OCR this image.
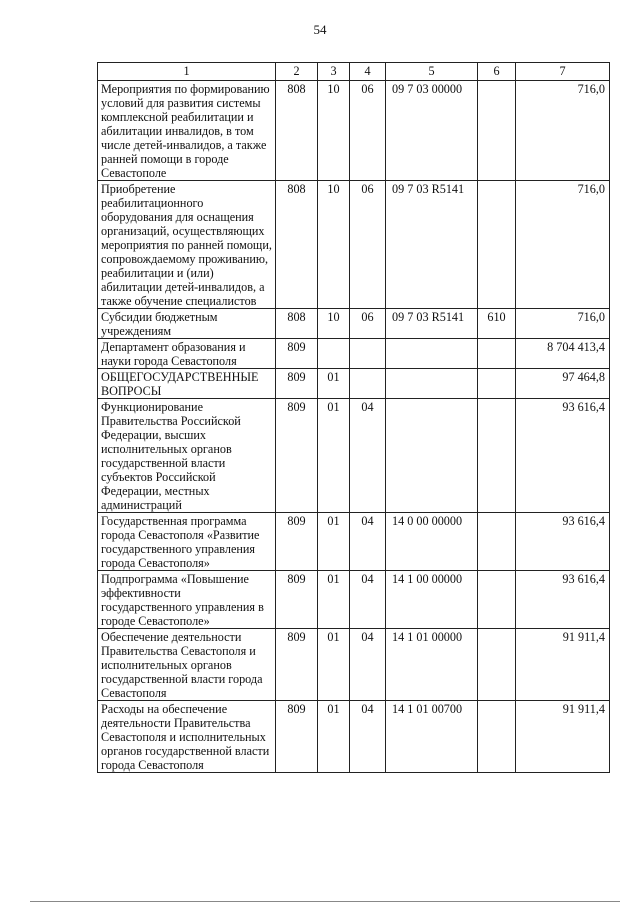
54
1	2	3	4	5	6	7
Мероприятия по формированию условий для развития системы комплексной реабилитации и абилитации инвалидов, в том числе детей-инвалидов, а также ранней помощи в городе Севастополе	808	10	06	09 7 03 00000		716,0
Приобретение реабилитационного оборудования для оснащения организаций, осуществляющих мероприятия по ранней помощи, сопровождаемому проживанию, реабилитации и (или) абилитации детей-инвалидов, а также обучение специалистов	808	10	06	09 7 03 R5141		716,0
Субсидии бюджетным учреждениям	808	10	06	09 7 03 R5141	610	716,0
Департамент образования и науки города Севастополя	809					8 704 413,4
ОБЩЕГОСУДАРСТВЕННЫЕ ВОПРОСЫ	809	01				97 464,8
Функционирование Правительства Российской Федерации, высших исполнительных органов государственной власти субъектов Российской Федерации, местных администраций	809	01	04			93 616,4
Государственная программа города Севастополя «Развитие государственного управления города Севастополя»	809	01	04	14 0 00 00000		93 616,4
Подпрограмма «Повышение эффективности государственного управления в городе Севастополе»	809	01	04	14 1 00 00000		93 616,4
Обеспечение деятельности Правительства Севастополя и исполнительных органов государственной власти города Севастополя	809	01	04	14 1 01 00000		91 911,4
Расходы на обеспечение деятельности Правительства Севастополя и исполнительных органов государственной власти города Севастополя	809	01	04	14 1 01 00700		91 911,4
